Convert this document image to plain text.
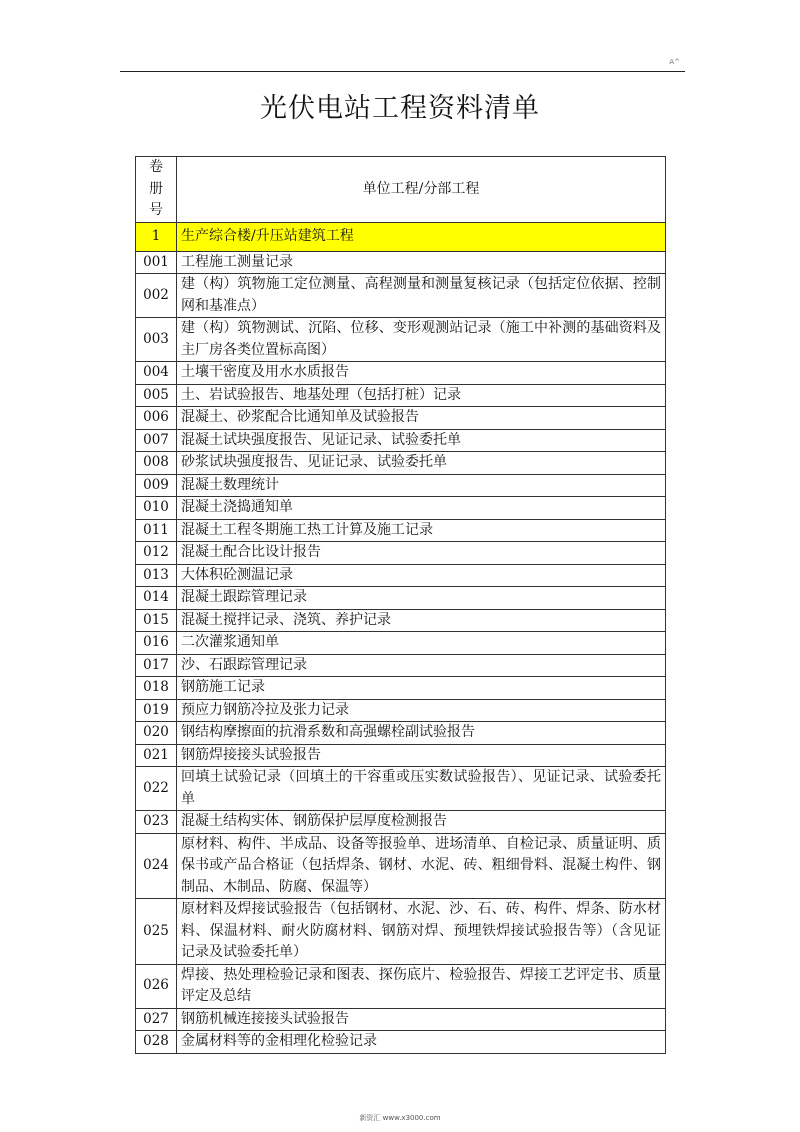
A^
光伏电站工程资料清单
卷
册
号	单位工程/分部工程
1	生产综合楼/升压站建筑工程
001	工程施工测量记录
002	建（构）筑物施工定位测量、高程测量和测量复核记录（包括定位依据、控制网和基准点）
003	建（构）筑物测试、沉陷、位移、变形观测站记录（施工中补测的基础资料及主厂房各类位置标高图）
004	土壤干密度及用水水质报告
005	土、岩试验报告、地基处理（包括打桩）记录
006	混凝土、砂浆配合比通知单及试验报告
007	混凝土试块强度报告、见证记录、试验委托单
008	砂浆试块强度报告、见证记录、试验委托单
009	混凝土数理统计
010	混凝土浇捣通知单
011	混凝土工程冬期施工热工计算及施工记录
012	混凝土配合比设计报告
013	大体积砼测温记录
014	混凝土跟踪管理记录
015	混凝土搅拌记录、浇筑、养护记录
016	二次灌浆通知单
017	沙、石跟踪管理记录
018	钢筋施工记录
019	预应力钢筋冷拉及张力记录
020	钢结构摩擦面的抗滑系数和高强螺栓副试验报告
021	钢筋焊接接头试验报告
022	回填土试验记录（回填土的干容重或压实数试验报告）、见证记录、试验委托单
023	混凝土结构实体、钢筋保护层厚度检测报告
024	原材料、构件、半成品、设备等报验单、进场清单、自检记录、质量证明、质保书或产品合格证（包括焊条、钢材、水泥、砖、粗细骨料、混凝土构件、钢制品、木制品、防腐、保温等）
025	原材料及焊接试验报告（包括钢材、水泥、沙、石、砖、构件、焊条、防水材料、保温材料、耐火防腐材料、钢筋对焊、预埋铁焊接试验报告等）（含见证记录及试验委托单）
026	焊接、热处理检验记录和图表、探伤底片、检验报告、焊接工艺评定书、质量评定及总结
027	钢筋机械连接接头试验报告
028	金属材料等的金相理化检验记录
新资汇 www.x3000.com
